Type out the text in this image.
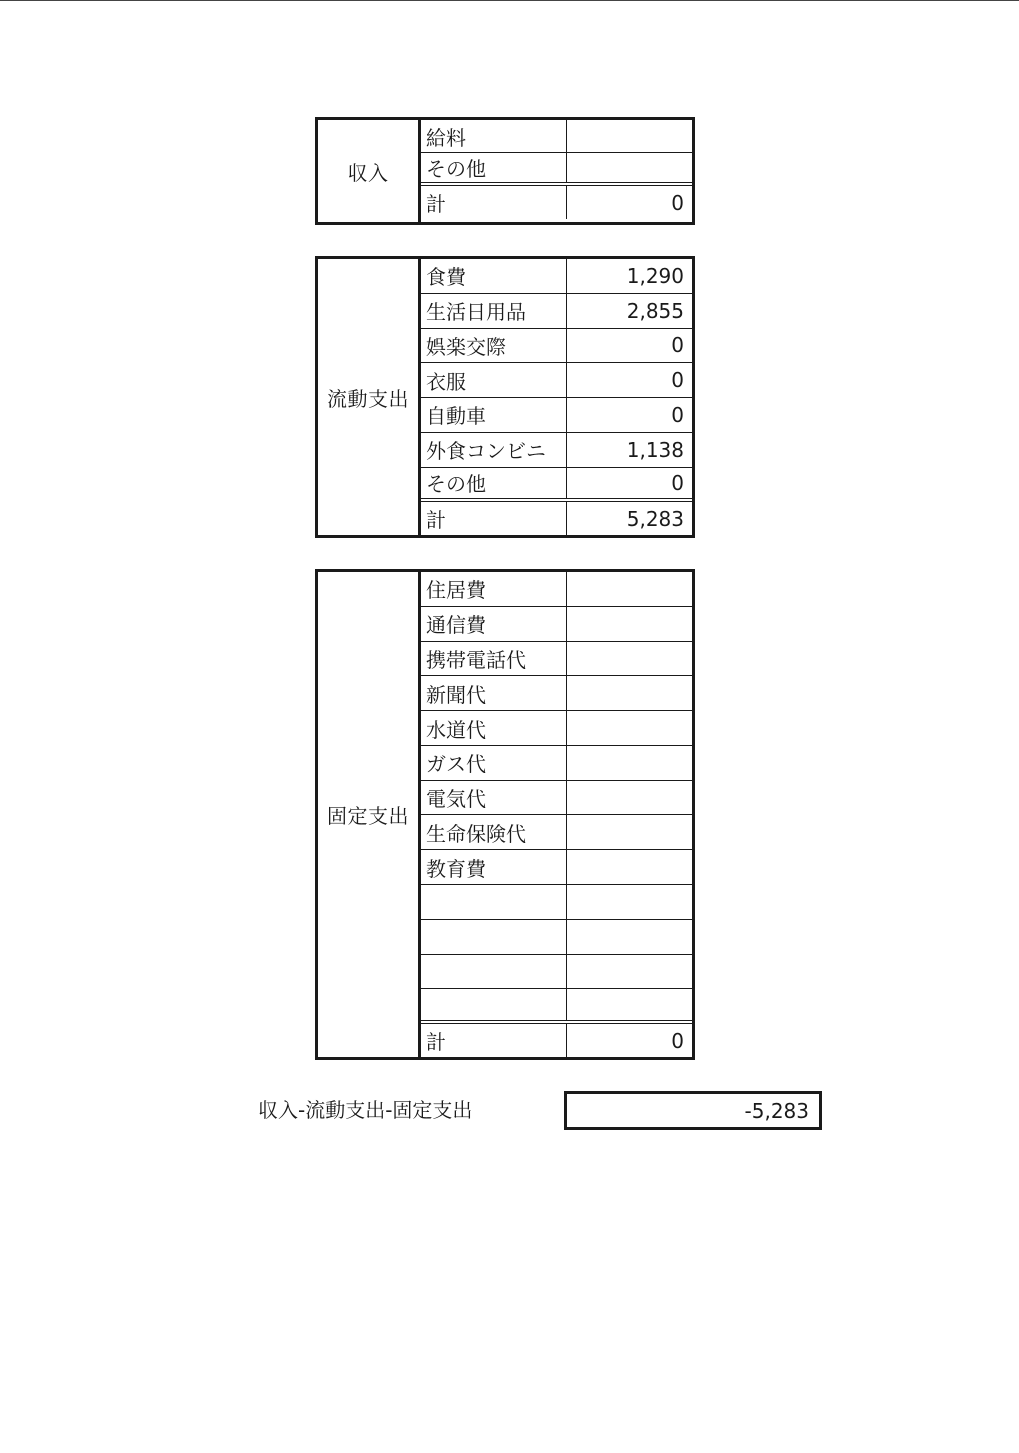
収入
給料
その他
計	0
流動支出
食費	1,290
生活日用品	2,855
娯楽交際	0
衣服	0
自動車	0
外食コンビニ	1,138
その他	0
計	5,283
固定支出
住居費
通信費
携帯電話代
新聞代
水道代
ガス代
電気代
生命保険代
教育費
計	0
収入-流動支出-固定支出	-5,283
